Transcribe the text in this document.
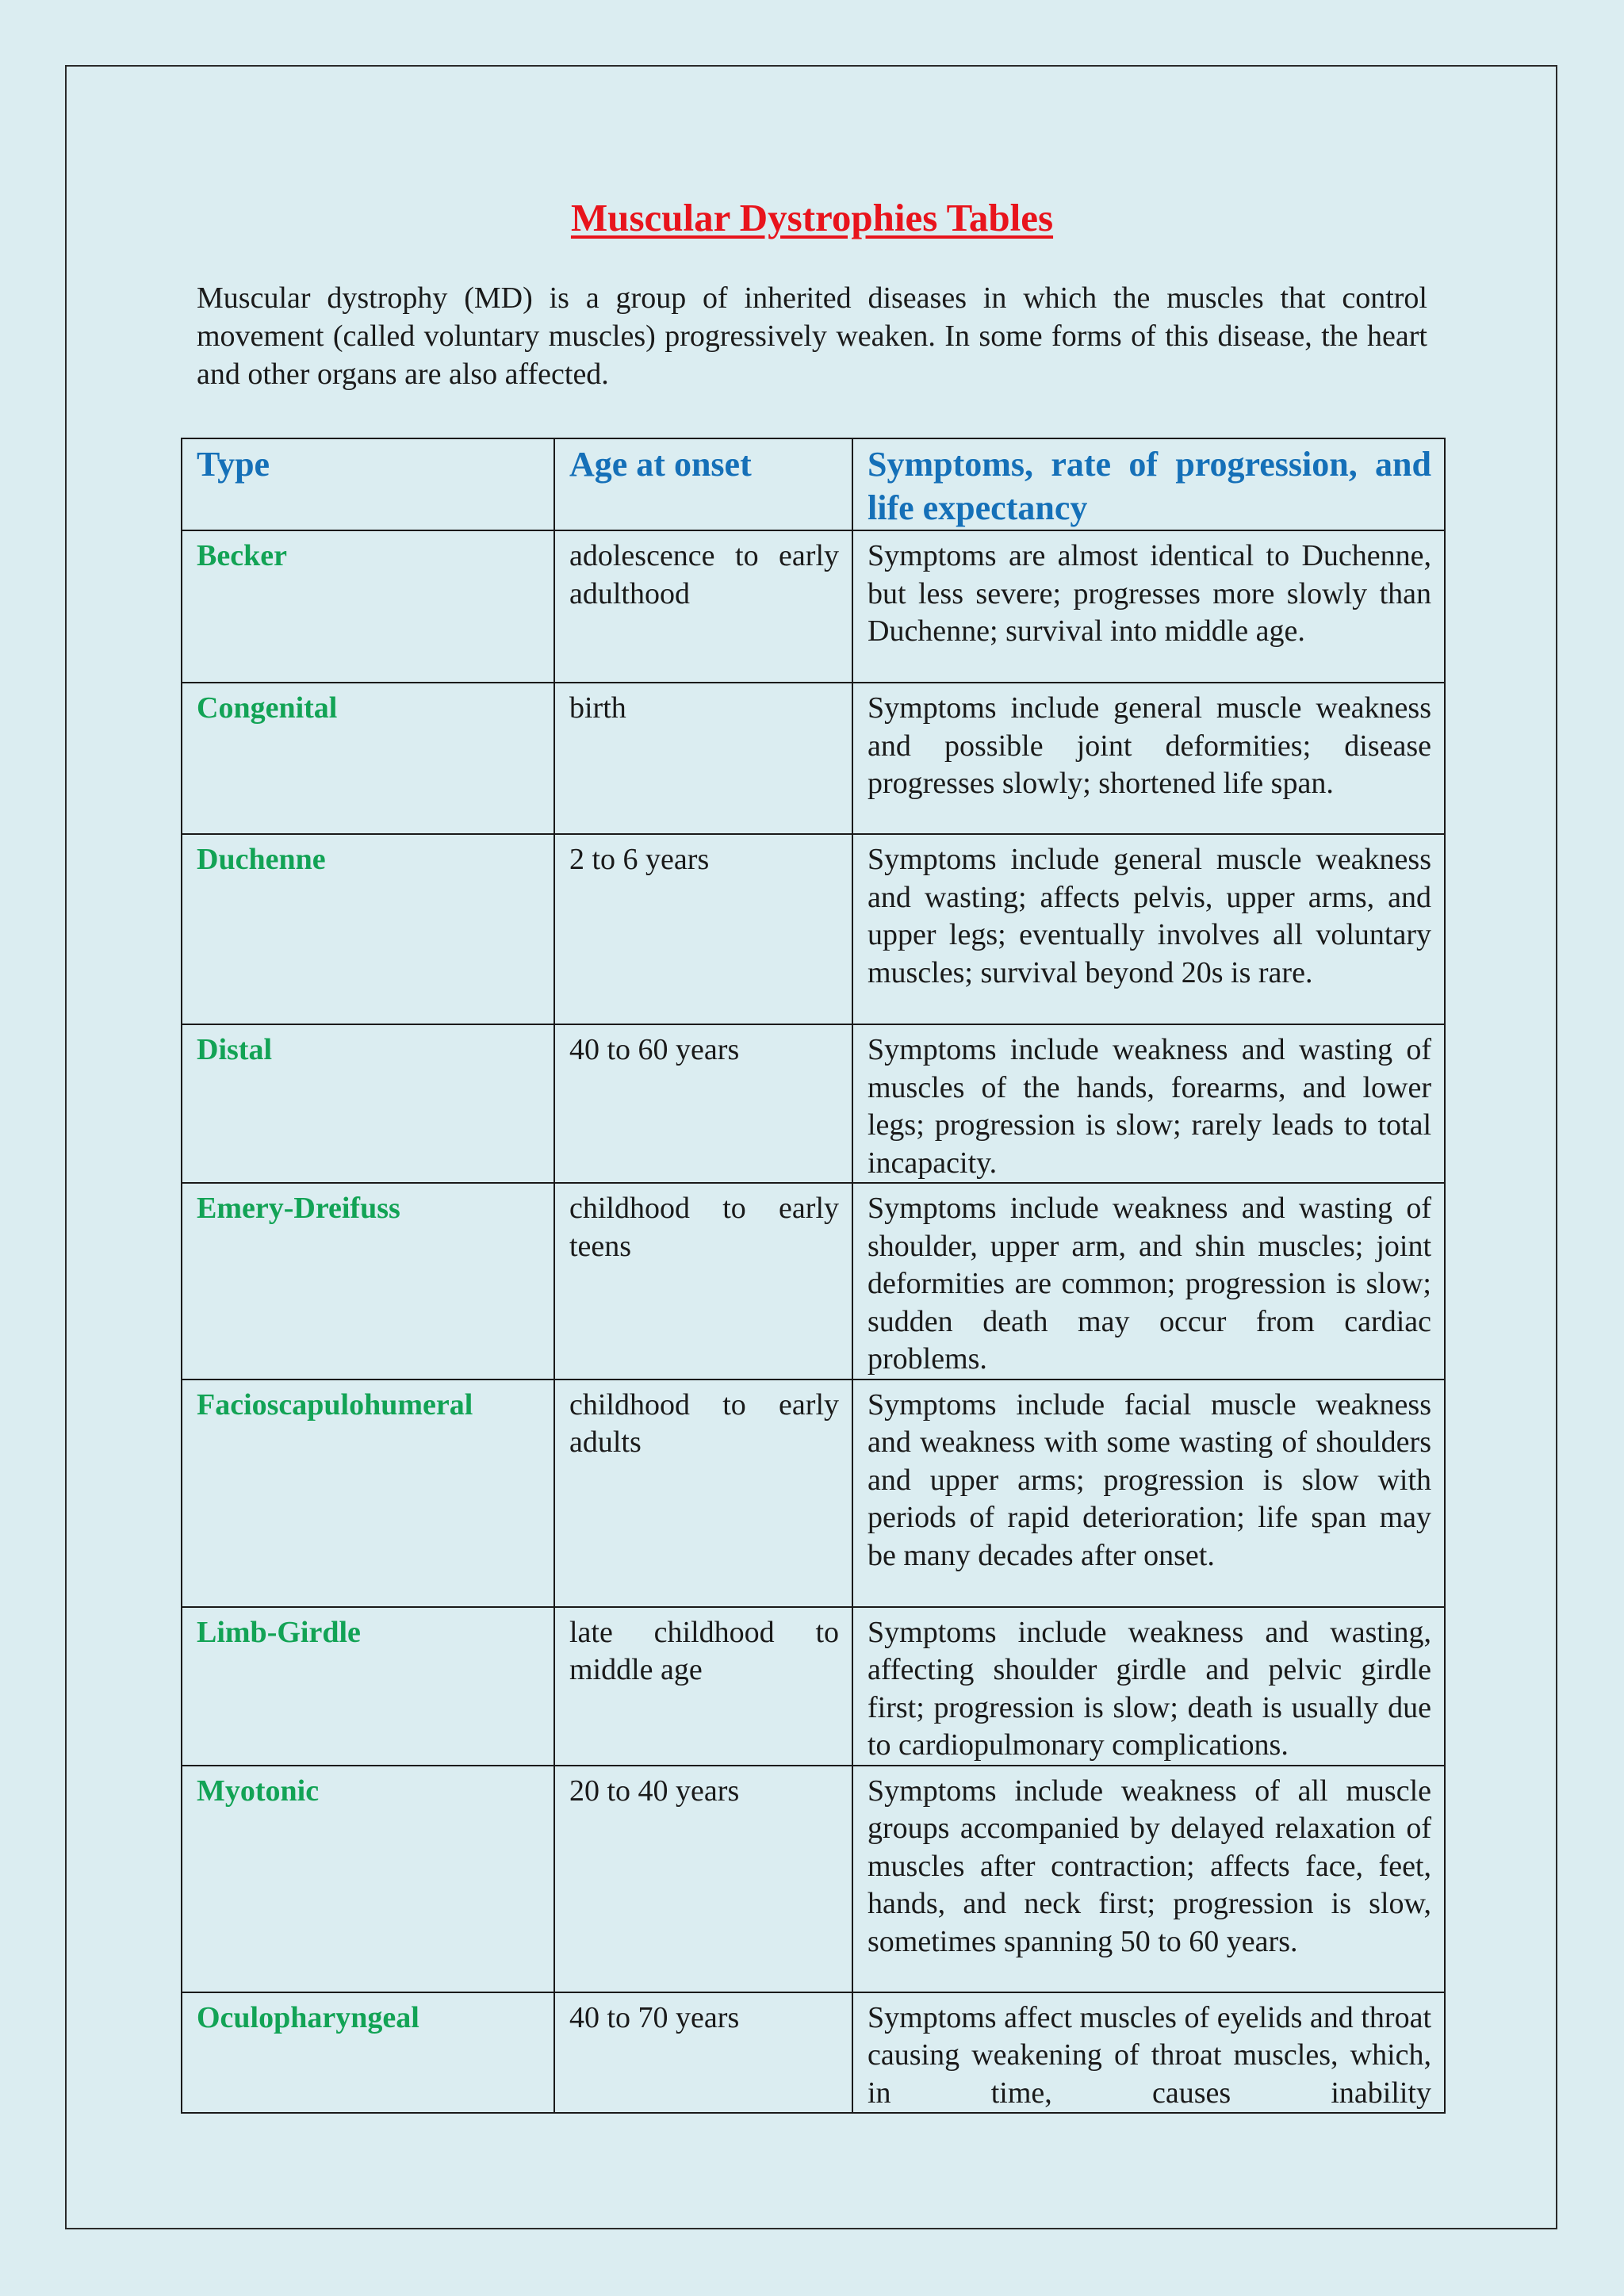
Muscular Dystrophies Tables

Muscular dystrophy (MD) is a group of inherited diseases in which the muscles that control movement (called voluntary muscles) progressively weaken. In some forms of this disease, the heart and other organs are also affected.

Type	Age at onset	Symptoms, rate of progression, and life expectancy
Becker	adolescence to early adulthood	Symptoms are almost identical to Duchenne, but less severe; progresses more slowly than Duchenne; survival into middle age.
Congenital	birth	Symptoms include general muscle weakness and possible joint deformities; disease progresses slowly; shortened life span.
Duchenne	2 to 6 years	Symptoms include general muscle weakness and wasting; affects pelvis, upper arms, and upper legs; eventually involves all voluntary muscles; survival beyond 20s is rare.
Distal	40 to 60 years	Symptoms include weakness and wasting of muscles of the hands, forearms, and lower legs; progression is slow; rarely leads to total incapacity.
Emery-Dreifuss	childhood to early teens	Symptoms include weakness and wasting of shoulder, upper arm, and shin muscles; joint deformities are common; progression is slow; sudden death may occur from cardiac problems.
Facioscapulohumeral	childhood to early adults	Symptoms include facial muscle weakness and weakness with some wasting of shoulders and upper arms; progression is slow with periods of rapid deterioration; life span may be many decades after onset.
Limb-Girdle	late childhood to middle age	Symptoms include weakness and wasting, affecting shoulder girdle and pelvic girdle first; progression is slow; death is usually due to cardiopulmonary complications.
Myotonic	20 to 40 years	Symptoms include weakness of all muscle groups accompanied by delayed relaxation of muscles after contraction; affects face, feet, hands, and neck first; progression is slow, sometimes spanning 50 to 60 years.
Oculopharyngeal	40 to 70 years	Symptoms affect muscles of eyelids and throat causing weakening of throat muscles, which, in time, causes inability
